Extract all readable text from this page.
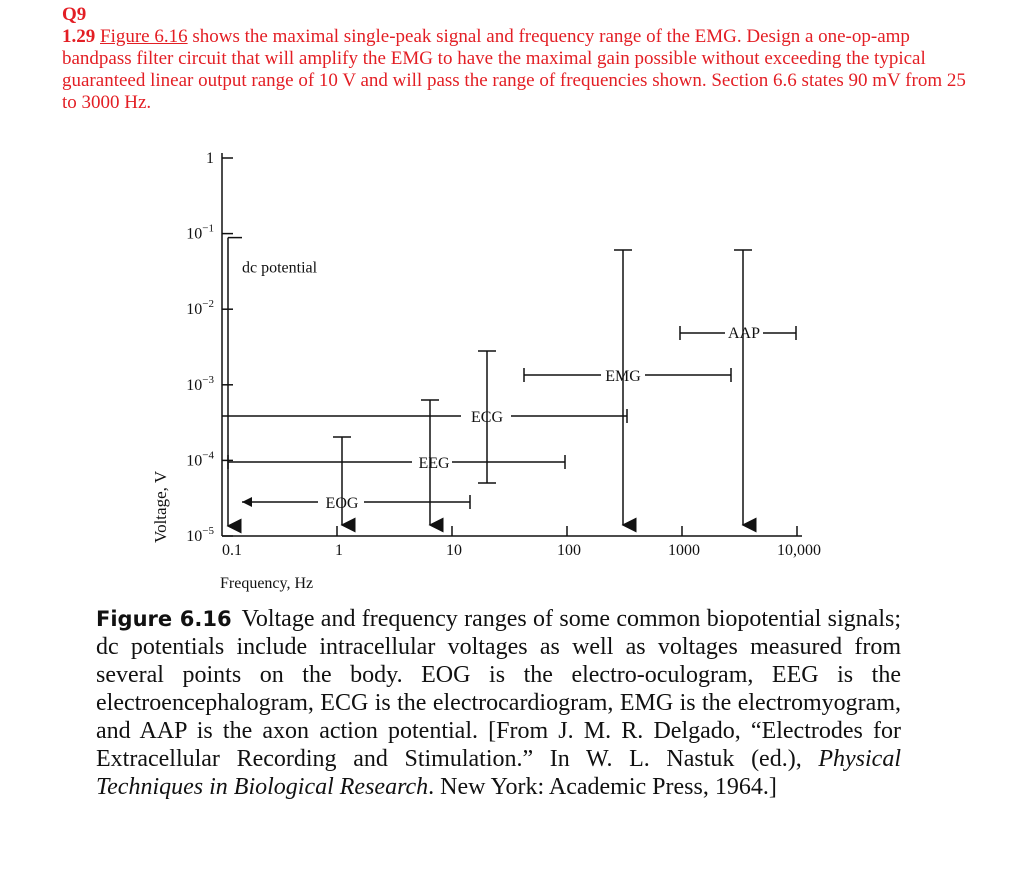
Q9
1.29 Figure 6.16 shows the maximal single-peak signal and frequency range of the EMG. Design a one-op-amp bandpass filter circuit that will amplify the EMG to have the maximal gain possible without exceeding the typical guaranteed linear output range of 10 V and will pass the range of frequencies shown. Section 6.6 states 90 mV from 25 to 3000 Hz.
1
$10^{-1}$
$10^{-2}$
$10^{-3}$
$10^{-4}$
$10^{-5}$
0.1	1	10	100	1000	10,000
dc potential
EOG
EEG
ECG
EMG
AAP
Frequency, Hz
Voltage, V
Figure 6.16 Voltage and frequency ranges of some common biopotential signals; dc potentials include intracellular voltages as well as voltages measured from several points on the body. EOG is the electro-oculogram, EEG is the electroencephalogram, ECG is the electrocardiogram, EMG is the electromyogram, and AAP is the axon action potential. [From J. M. R. Delgado, “Electrodes for Extracellular Recording and Stimulation.” In W. L. Nastuk (ed.), Physical Techniques in Biological Research. New York: Academic Press, 1964.]
